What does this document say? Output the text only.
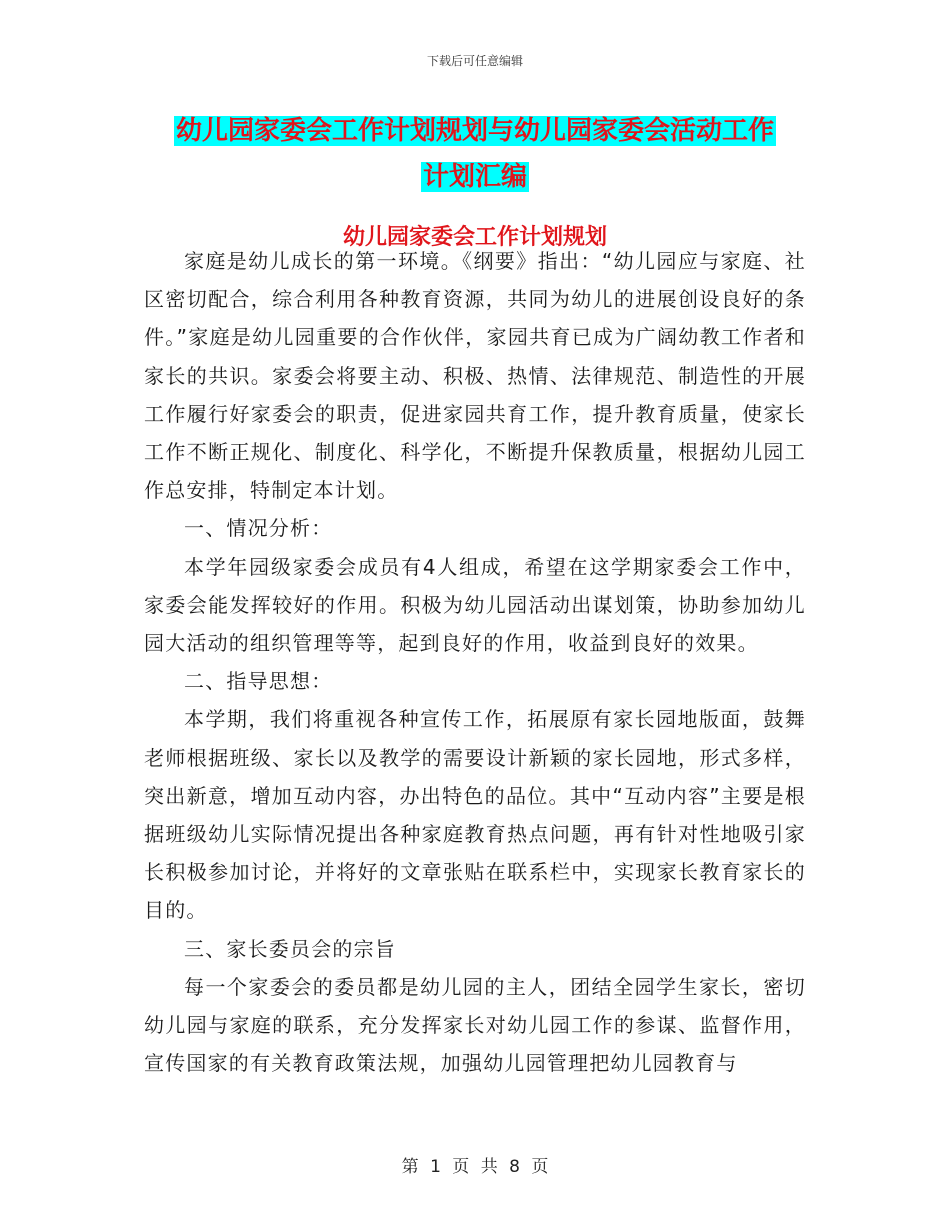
下载后可任意编辑
幼儿园家委会工作计划规划与幼儿园家委会活动工作
计划汇编
幼儿园家委会工作计划规划

家庭是幼儿成长的第一环境。《纲要》指出：“幼儿园应与家庭、社区密切配合，综合利用各种教育资源，共同为幼儿的进展创设良好的条件。”家庭是幼儿园重要的合作伙伴，家园共育已成为广阔幼教工作者和家长的共识。家委会将要主动、积极、热情、法律规范、制造性的开展工作履行好家委会的职责，促进家园共育工作，提升教育质量，使家长工作不断正规化、制度化、科学化，不断提升保教质量，根据幼儿园工作总安排，特制定本计划。

一、情况分析：

本学年园级家委会成员有4人组成，希望在这学期家委会工作中，家委会能发挥较好的作用。积极为幼儿园活动出谋划策，协助参加幼儿园大活动的组织管理等等，起到良好的作用，收益到良好的效果。

二、指导思想：

本学期，我们将重视各种宣传工作，拓展原有家长园地版面，鼓舞老师根据班级、家长以及教学的需要设计新颖的家长园地，形式多样，突出新意，增加互动内容，办出特色的品位。其中“互动内容”主要是根据班级幼儿实际情况提出各种家庭教育热点问题，再有针对性地吸引家长积极参加讨论，并将好的文章张贴在联系栏中，实现家长教育家长的目的。

三、家长委员会的宗旨

每一个家委会的委员都是幼儿园的主人，团结全园学生家长，密切幼儿园与家庭的联系，充分发挥家长对幼儿园工作的参谋、监督作用，宣传国家的有关教育政策法规，加强幼儿园管理把幼儿园教育与

第 1 页 共 8 页
